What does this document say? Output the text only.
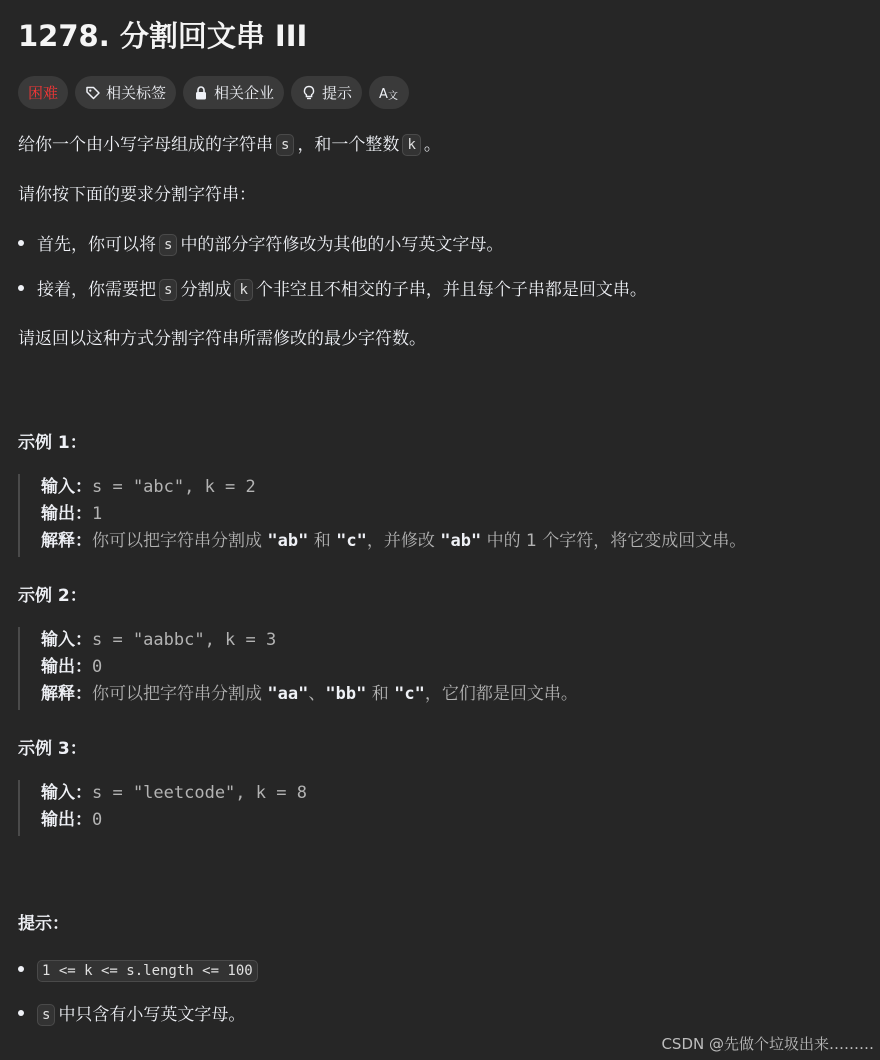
1278. 分割回文串 III
困难	相关标签	相关企业	提示 A 文
给你一个由小写字母组成的字符串 s ，和一个整数 k 。
请你按下面的要求分割字符串：
首先，你可以将 s 中的部分字符修改为其他的小写英文字母。
接着，你需要把 s 分割成 k 个非空且不相交的子串，并且每个子串都是回文串。
请返回以这种方式分割字符串所需修改的最少字符数。
示例 1：
输入：s = "abc", k = 2
输出：1
解释：你可以把字符串分割成 "ab" 和 "c"，并修改 "ab" 中的 1 个字符，将它变成回文串。
示例 2：
输入：s = "aabbc", k = 3
输出：0
解释：你可以把字符串分割成 "aa"、"bb" 和 "c"，它们都是回文串。
示例 3：
输入：s = "leetcode", k = 8
输出：0
提示：
1 <= k <= s.length <= 100
s 中只含有小写英文字母。
CSDN @先做个垃圾出来………
